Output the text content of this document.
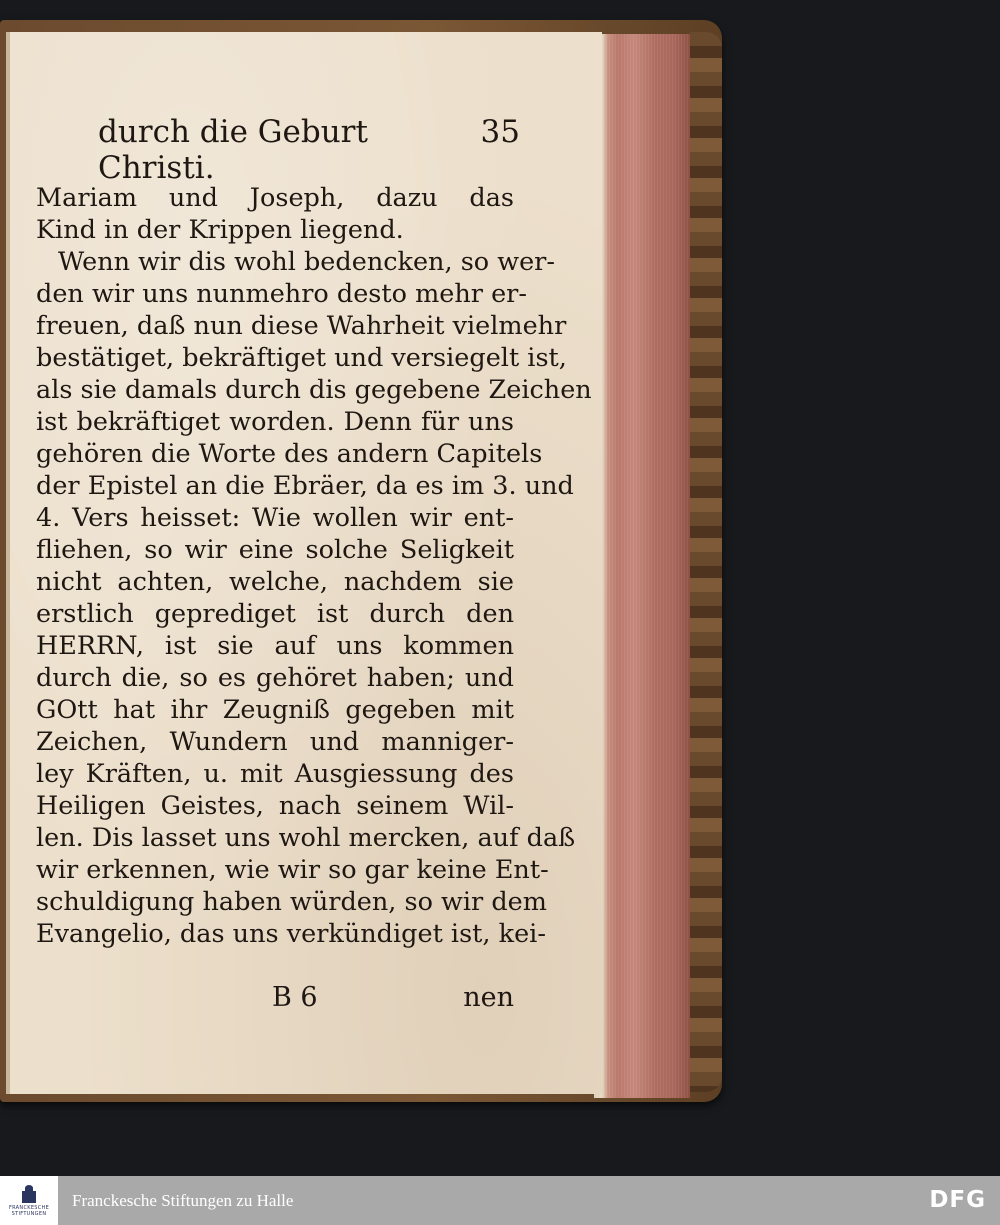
durch die Geburt Christi.
35
Mariam und Joseph, dazu das
Kind in der Krippen liegend.
Wenn wir dis wohl bedencken, so wer-
den wir uns nunmehro desto mehr er-
freuen, daß nun diese Wahrheit vielmehr
bestätiget, bekräftiget und versiegelt ist,
als sie damals durch dis gegebene Zeichen
ist bekräftiget worden. Denn für uns
gehören die Worte des andern Capitels
der Epistel an die Ebräer, da es im 3. und
4. Vers heisset: Wie wollen wir ent-
fliehen, so wir eine solche Seligkeit
nicht achten, welche, nachdem sie
erstlich geprediget ist durch den
HERRN, ist sie auf uns kommen
durch die, so es gehöret haben; und
GOtt hat ihr Zeugniß gegeben mit
Zeichen, Wundern und manniger-
ley Kräften, u. mit Ausgiessung des
Heiligen Geistes, nach seinem Wil-
len. Dis lasset uns wohl mercken, auf daß
wir erkennen, wie wir so gar keine Ent-
schuldigung haben würden, so wir dem
Evangelio, das uns verkündiget ist, kei-
B 6	nen
FRANCKESCHE
STIFTUNGEN
Franckesche Stiftungen zu Halle	DFG
